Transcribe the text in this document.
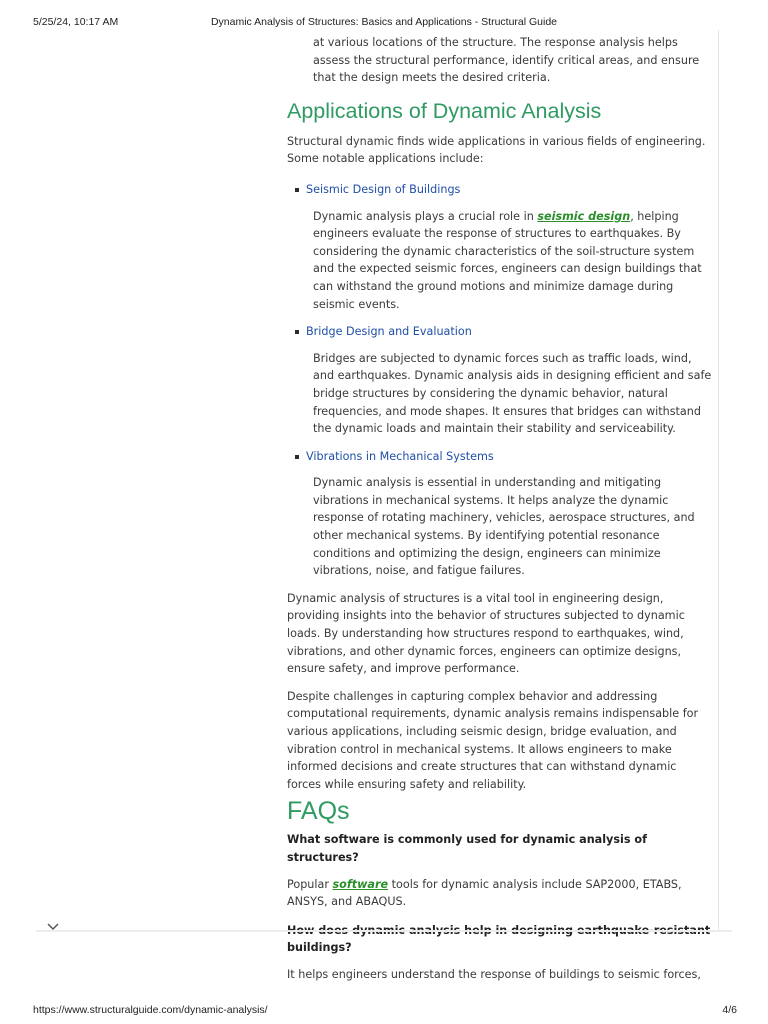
5/25/24, 10:17 AM	Dynamic Analysis of Structures: Basics and Applications - Structural Guide

at various locations of the structure. The response analysis helps assess the structural performance, identify critical areas, and ensure that the design meets the desired criteria.

Applications of Dynamic Analysis

Structural dynamic finds wide applications in various fields of engineering. Some notable applications include:

Seismic Design of Buildings

Dynamic analysis plays a crucial role in seismic design, helping engineers evaluate the response of structures to earthquakes. By considering the dynamic characteristics of the soil-structure system and the expected seismic forces, engineers can design buildings that can withstand the ground motions and minimize damage during seismic events.

Bridge Design and Evaluation

Bridges are subjected to dynamic forces such as traffic loads, wind, and earthquakes. Dynamic analysis aids in designing efficient and safe bridge structures by considering the dynamic behavior, natural frequencies, and mode shapes. It ensures that bridges can withstand the dynamic loads and maintain their stability and serviceability.

Vibrations in Mechanical Systems

Dynamic analysis is essential in understanding and mitigating vibrations in mechanical systems. It helps analyze the dynamic response of rotating machinery, vehicles, aerospace structures, and other mechanical systems. By identifying potential resonance conditions and optimizing the design, engineers can minimize vibrations, noise, and fatigue failures.

Dynamic analysis of structures is a vital tool in engineering design, providing insights into the behavior of structures subjected to dynamic loads. By understanding how structures respond to earthquakes, wind, vibrations, and other dynamic forces, engineers can optimize designs, ensure safety, and improve performance.

Despite challenges in capturing complex behavior and addressing computational requirements, dynamic analysis remains indispensable for various applications, including seismic design, bridge evaluation, and vibration control in mechanical systems. It allows engineers to make informed decisions and create structures that can withstand dynamic forces while ensuring safety and reliability.

FAQs

What software is commonly used for dynamic analysis of structures?

Popular software tools for dynamic analysis include SAP2000, ETABS, ANSYS, and ABAQUS.

buildings?

It helps engineers understand the response of buildings to seismic forces,

https://www.structuralguide.com/dynamic-analysis/	4/6
